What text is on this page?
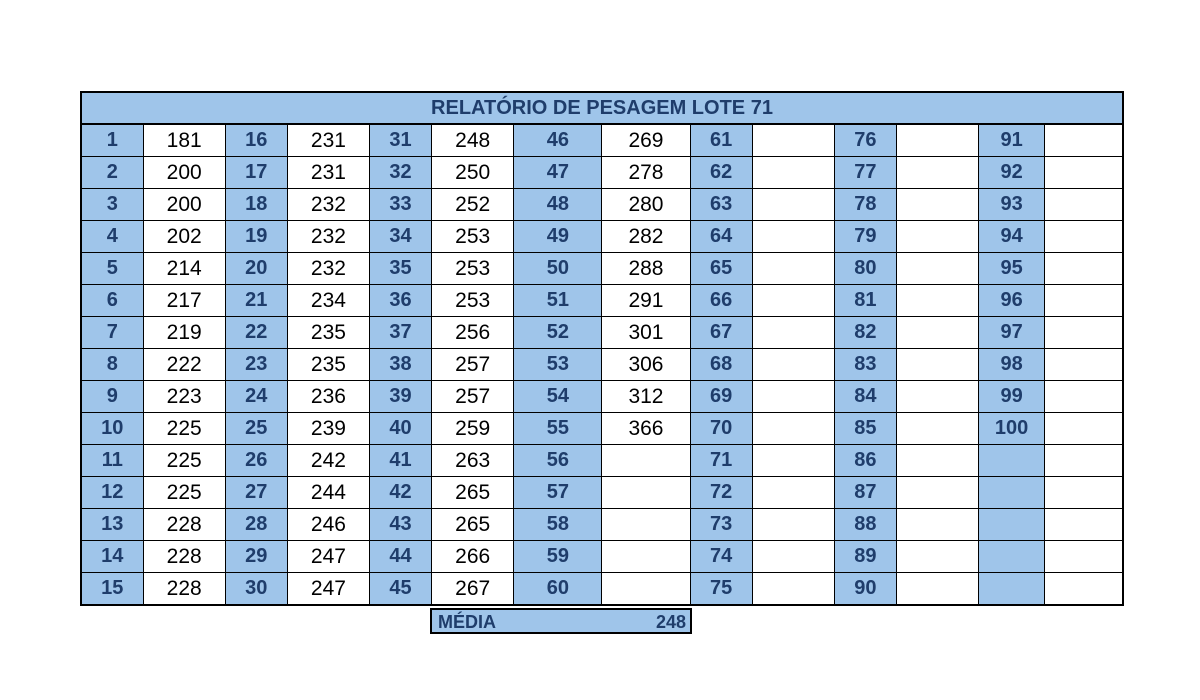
RELATÓRIO DE PESAGEM LOTE 71													
1	181	16	231	31	248	46	269	61		76		91	
2	200	17	231	32	250	47	278	62		77		92	
3	200	18	232	33	252	48	280	63		78		93	
4	202	19	232	34	253	49	282	64		79		94	
5	214	20	232	35	253	50	288	65		80		95	
6	217	21	234	36	253	51	291	66		81		96	
7	219	22	235	37	256	52	301	67		82		97	
8	222	23	235	38	257	53	306	68		83		98	
9	223	24	236	39	257	54	312	69		84		99	
10	225	25	239	40	259	55	366	70		85		100	
11	225	26	242	41	263	56		71		86			
12	225	27	244	42	265	57		72		87			
13	228	28	246	43	265	58		73		88			
14	228	29	247	44	266	59		74		89			
15	228	30	247	45	267	60		75		90			
MÉDIA	248
